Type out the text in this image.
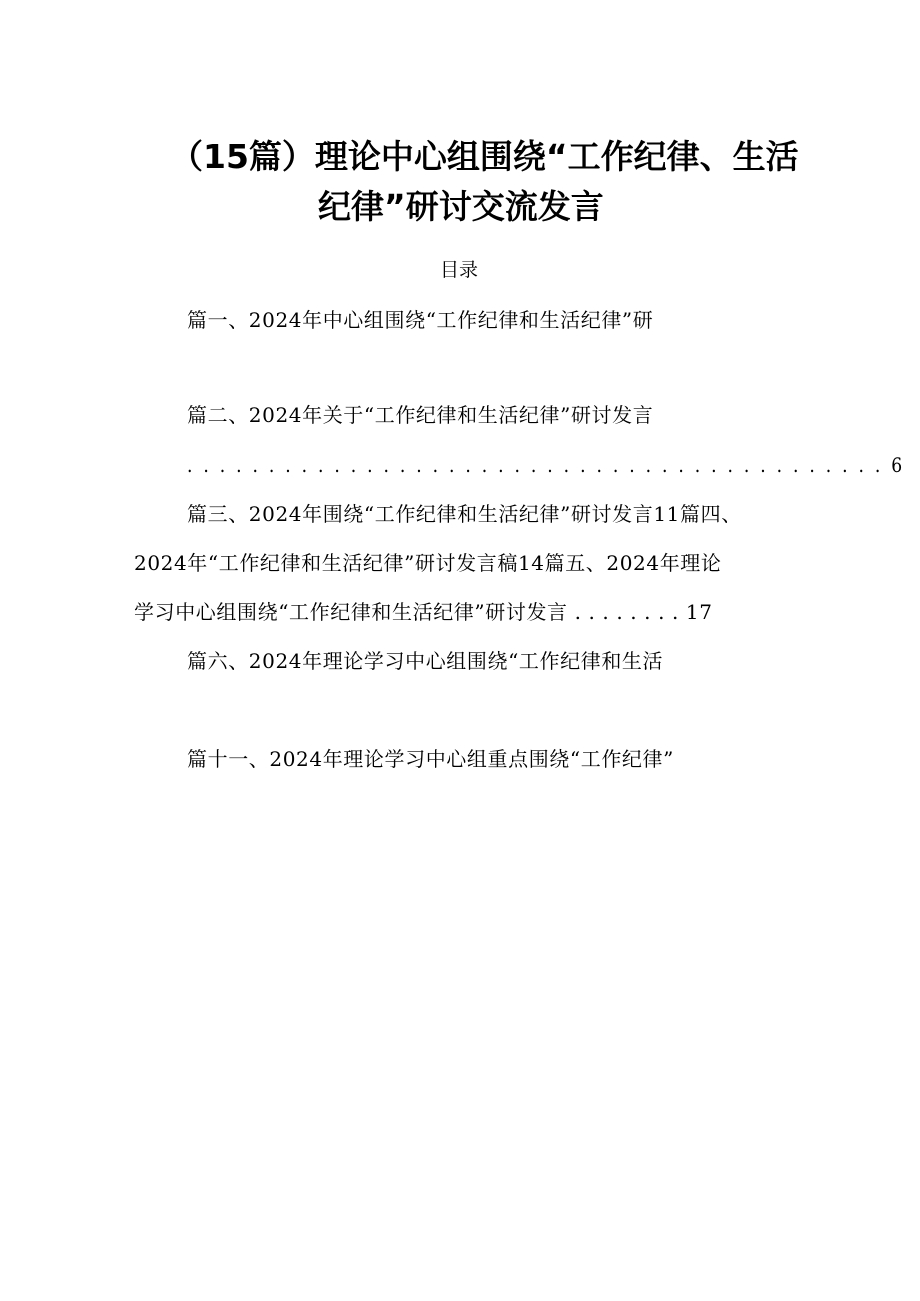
（15篇）理论中心组围绕“工作纪律、生活
纪律”研讨交流发言
目录
篇一、2024年中心组围绕“工作纪律和生活纪律”研
篇二、2024年关于“工作纪律和生活纪律”研讨发言
. . . . . . . . . . . . . . . . . . . . . . . . . . . . . . . . . . . . . . . . . . . 6
篇三、2024年围绕“工作纪律和生活纪律”研讨发言11篇四、
2024年“工作纪律和生活纪律”研讨发言稿14篇五、2024年理论
学习中心组围绕“工作纪律和生活纪律”研讨发言 . . . . . . . . 17
篇六、2024年理论学习中心组围绕“工作纪律和生活
篇十一、2024年理论学习中心组重点围绕“工作纪律”
